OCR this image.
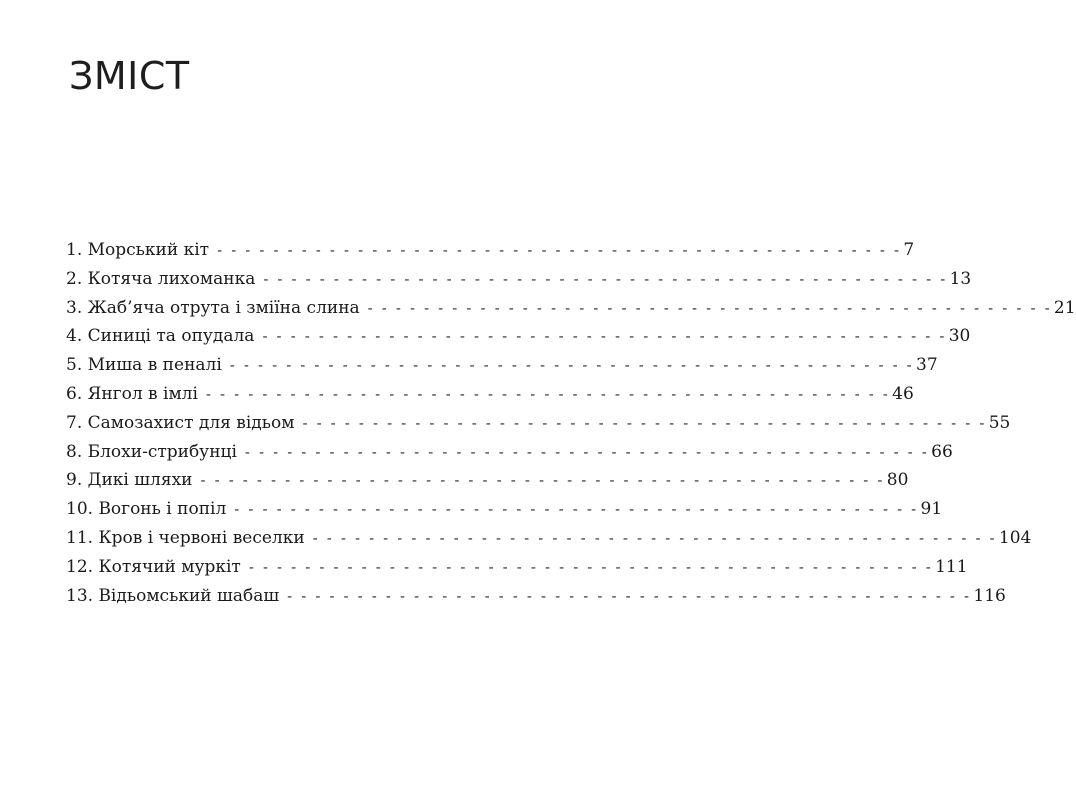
ЗМІСТ
1. Морський кіт - - - - - - - - - - - - - - - - - - - - - - - - - - - - - - - - - - - - - - - - - - - - - - - - - 7
2. Котяча лихоманка - - - - - - - - - - - - - - - - - - - - - - - - - - - - - - - - - - - - - - - - - - - - - - - - - 13
3. Жаб’яча отрута і зміїна слина - - - - - - - - - - - - - - - - - - - - - - - - - - - - - - - - - - - - - - - - - - - - - - - - - 21
4. Синиці та опудала - - - - - - - - - - - - - - - - - - - - - - - - - - - - - - - - - - - - - - - - - - - - - - - - - 30
5. Миша в пеналі - - - - - - - - - - - - - - - - - - - - - - - - - - - - - - - - - - - - - - - - - - - - - - - - - 37
6. Янгол в імлі - - - - - - - - - - - - - - - - - - - - - - - - - - - - - - - - - - - - - - - - - - - - - - - - - 46
7. Самозахист для відьом - - - - - - - - - - - - - - - - - - - - - - - - - - - - - - - - - - - - - - - - - - - - - - - - - 55
8. Блохи-стрибунці - - - - - - - - - - - - - - - - - - - - - - - - - - - - - - - - - - - - - - - - - - - - - - - - - 66
9. Дикі шляхи - - - - - - - - - - - - - - - - - - - - - - - - - - - - - - - - - - - - - - - - - - - - - - - - - 80
10. Вогонь і попіл - - - - - - - - - - - - - - - - - - - - - - - - - - - - - - - - - - - - - - - - - - - - - - - - - 91
11. Кров і червоні веселки - - - - - - - - - - - - - - - - - - - - - - - - - - - - - - - - - - - - - - - - - - - - - - - - - 104
12. Котячий муркіт - - - - - - - - - - - - - - - - - - - - - - - - - - - - - - - - - - - - - - - - - - - - - - - - - 111
13. Відьомський шабаш - - - - - - - - - - - - - - - - - - - - - - - - - - - - - - - - - - - - - - - - - - - - - - - - - 116
